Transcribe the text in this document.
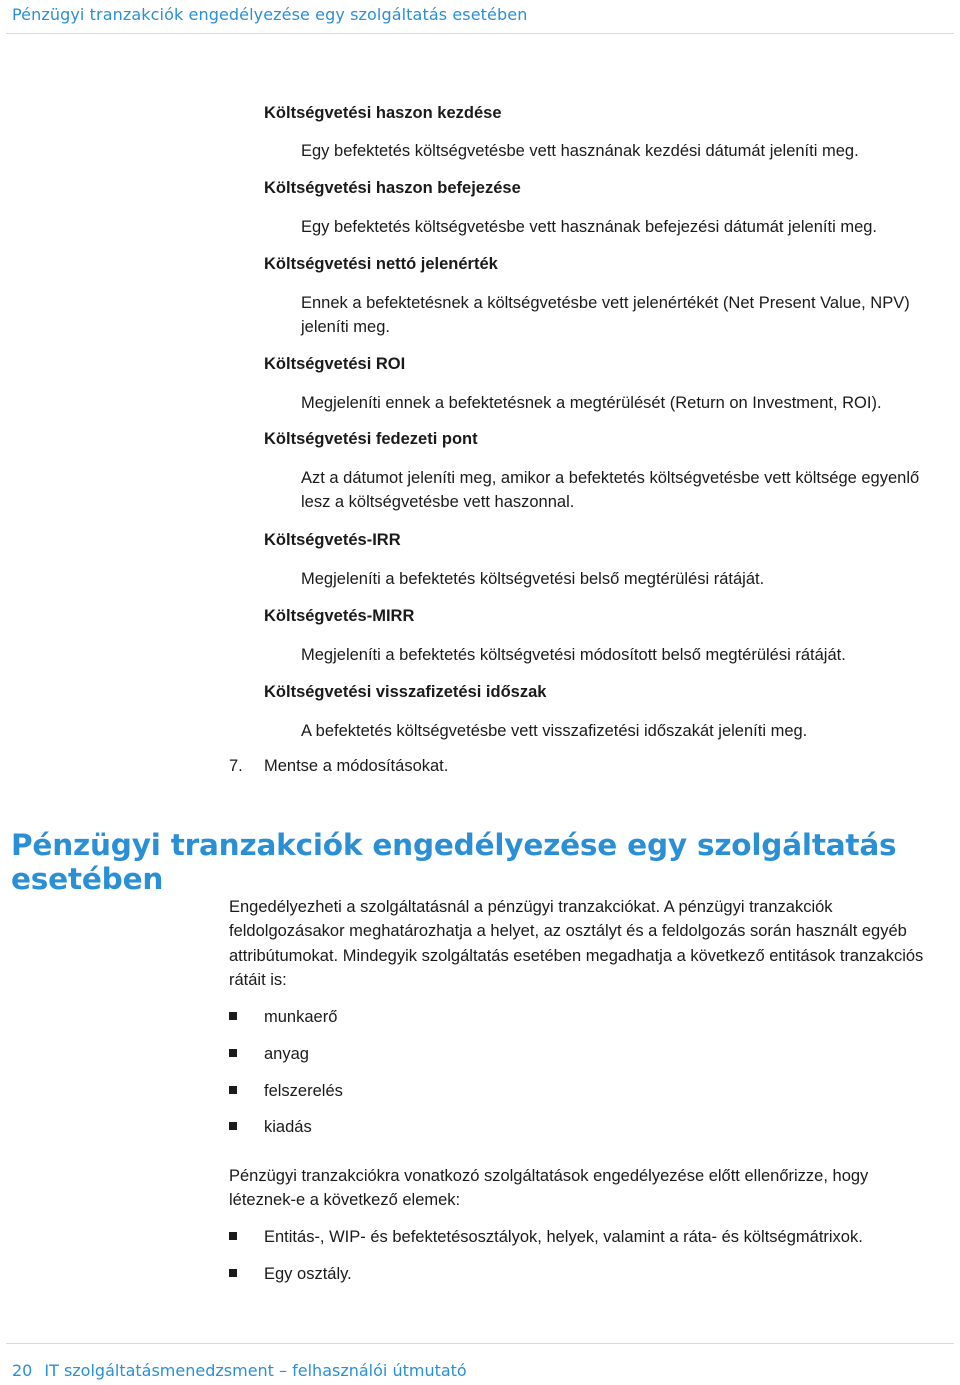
Pénzügyi tranzakciók engedélyezése egy szolgáltatás esetében
Költségvetési haszon kezdése
Egy befektetés költségvetésbe vett hasznának kezdési dátumát jeleníti meg.
Költségvetési haszon befejezése
Egy befektetés költségvetésbe vett hasznának befejezési dátumát jeleníti meg.
Költségvetési nettó jelenérték
Ennek a befektetésnek a költségvetésbe vett jelenértékét (Net Present Value, NPV) jeleníti meg.
Költségvetési ROI
Megjeleníti ennek a befektetésnek a megtérülését (Return on Investment, ROI).
Költségvetési fedezeti pont
Azt a dátumot jeleníti meg, amikor a befektetés költségvetésbe vett költsége egyenlő lesz a költségvetésbe vett haszonnal.
Költségvetés-IRR
Megjeleníti a befektetés költségvetési belső megtérülési rátáját.
Költségvetés-MIRR
Megjeleníti a befektetés költségvetési módosított belső megtérülési rátáját.
Költségvetési visszafizetési időszak
A befektetés költségvetésbe vett visszafizetési időszakát jeleníti meg.
7. Mentse a módosításokat.
Pénzügyi tranzakciók engedélyezése egy szolgáltatás esetében
Engedélyezheti a szolgáltatásnál a pénzügyi tranzakciókat. A pénzügyi tranzakciók feldolgozásakor meghatározhatja a helyet, az osztályt és a feldolgozás során használt egyéb attribútumokat. Mindegyik szolgáltatás esetében megadhatja a következő entitások tranzakciós rátáit is:
munkaerő
anyag
felszerelés
kiadás
Pénzügyi tranzakciókra vonatkozó szolgáltatások engedélyezése előtt ellenőrizze, hogy léteznek-e a következő elemek:
Entitás-, WIP- és befektetésosztályok, helyek, valamint a ráta- és költségmátrixok.
Egy osztály.
20 IT szolgáltatásmenedzsment – felhasználói útmutató
